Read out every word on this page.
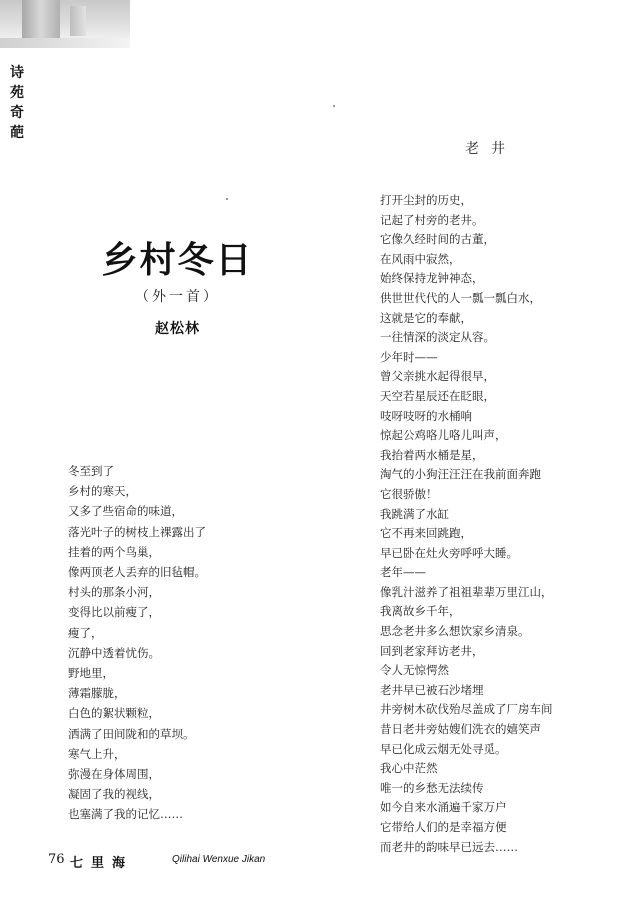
诗
苑
奇
葩
乡村冬日
（外一首）
赵松林
冬至到了
乡村的寒天，
又多了些宿命的味道，
落光叶子的树枝上裸露出了
挂着的两个鸟巢，
像两顶老人丢弃的旧毡帽。
村头的那条小河，
变得比以前瘦了，
瘦了，
沉静中透着忧伤。
野地里，
薄霜朦胧，
白色的絮状颗粒，
洒满了田间陇和的草坝。
寒气上升，
弥漫在身体周围，
凝固了我的视线，
也塞满了我的记忆……
老井
打开尘封的历史，
记起了村旁的老井。
它像久经时间的古董，
在风雨中寂然，
始终保持龙钟神态，
供世世代代的人一瓢一瓢白水，
这就是它的奉献，
一往情深的淡定从容。
少年时——
曾父亲挑水起得很早，
天空若星辰还在眨眼，
吱呀吱呀的水桶响
惊起公鸡咯儿咯儿叫声，
我抬着两水桶是星，
淘气的小狗汪汪汪在我前面奔跑
它很骄傲！
我跳满了水缸
它不再来回跳跑，
早已卧在灶火旁呼呼大睡。
老年——
像乳汁滋养了祖祖辈辈万里江山，
我离故乡千年，
思念老井多么想饮家乡清泉。
回到老家拜访老井，
令人无惊愕然
老井早已被石沙堵埋
井旁树木砍伐殆尽盖成了厂房车间
昔日老井旁姑嫂们洗衣的嬉笑声
早已化成云烟无处寻觅。
我心中茫然
唯一的乡愁无法续传
如今自来水涌遍千家万户
它带给人们的是幸福方便
而老井的韵味早已远去……
76 七里海	Qilihai Wenxue Jikan
